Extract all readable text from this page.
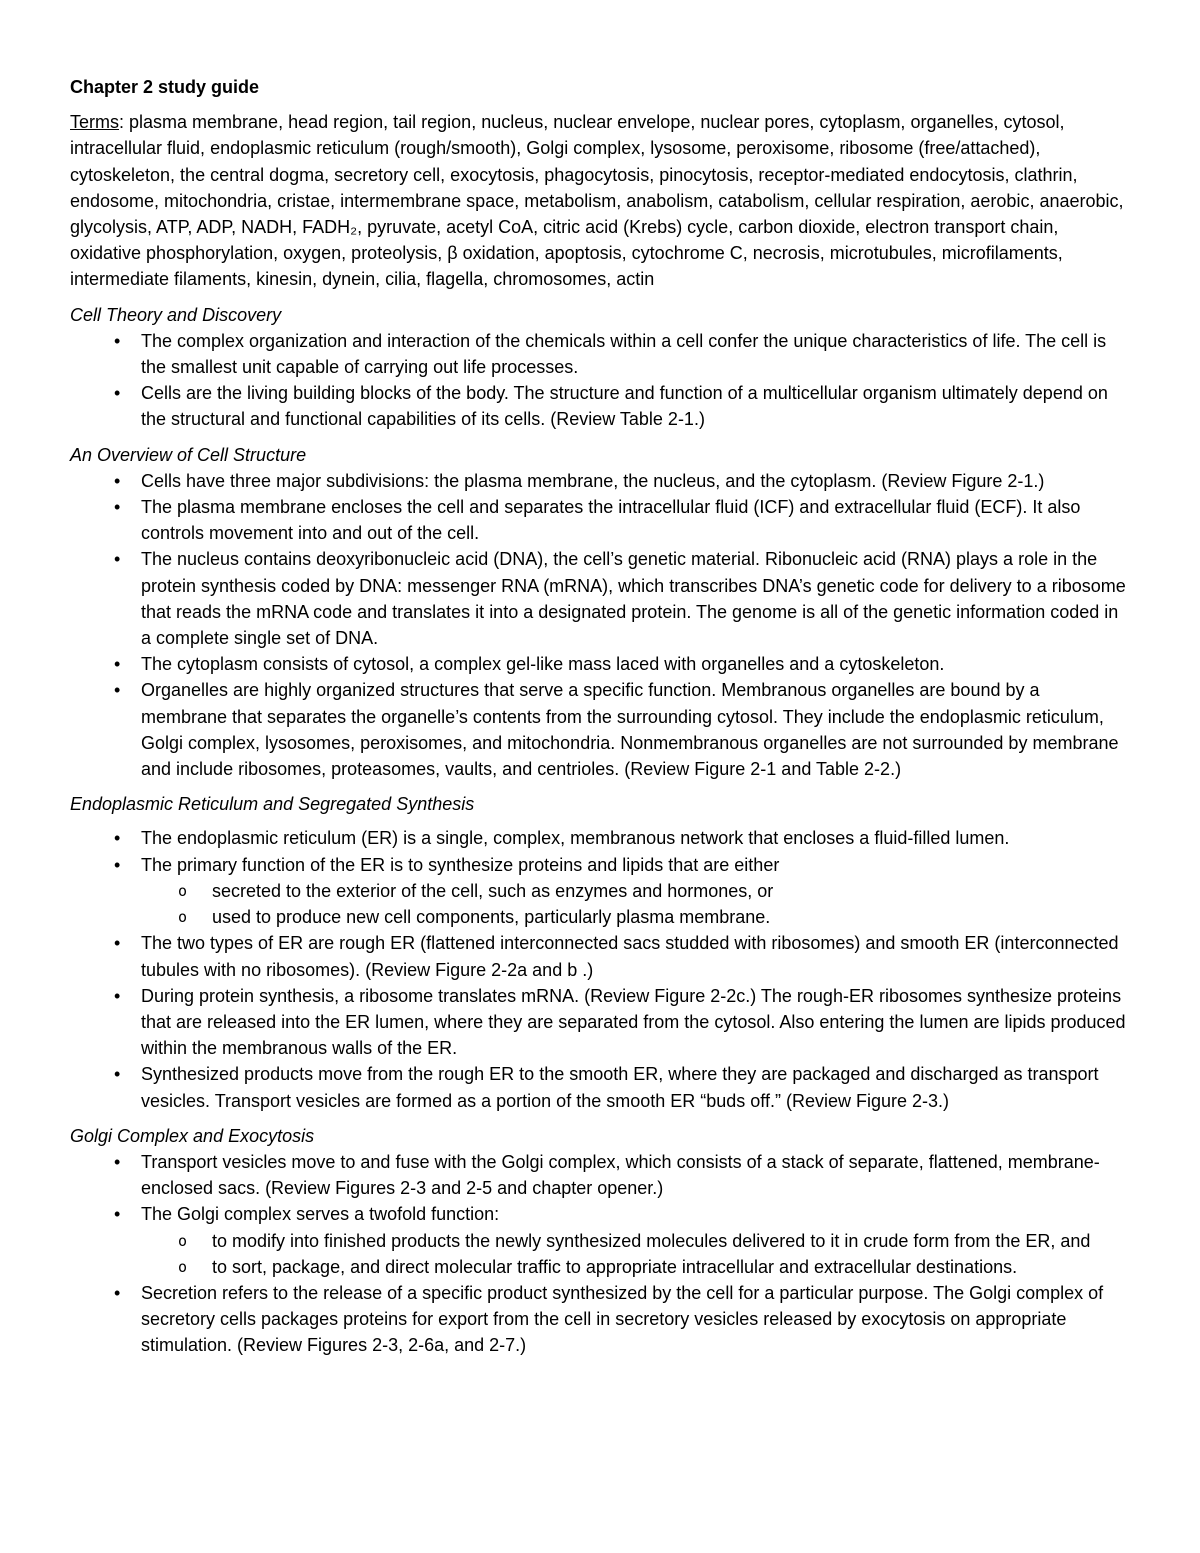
Chapter 2 study guide
Terms: plasma membrane, head region, tail region, nucleus, nuclear envelope, nuclear pores, cytoplasm, organelles, cytosol, intracellular fluid, endoplasmic reticulum (rough/smooth), Golgi complex, lysosome, peroxisome, ribosome (free/attached), cytoskeleton, the central dogma, secretory cell, exocytosis, phagocytosis, pinocytosis, receptor-mediated endocytosis, clathrin, endosome, mitochondria, cristae, intermembrane space, metabolism, anabolism, catabolism, cellular respiration, aerobic, anaerobic, glycolysis, ATP, ADP, NADH, FADH₂, pyruvate, acetyl CoA, citric acid (Krebs) cycle, carbon dioxide, electron transport chain, oxidative phosphorylation, oxygen, proteolysis, β oxidation, apoptosis, cytochrome C, necrosis, microtubules, microfilaments, intermediate filaments, kinesin, dynein, cilia, flagella, chromosomes, actin
Cell Theory and Discovery
• The complex organization and interaction of the chemicals within a cell confer the unique characteristics of life. The cell is the smallest unit capable of carrying out life processes.
• Cells are the living building blocks of the body. The structure and function of a multicellular organism ultimately depend on the structural and functional capabilities of its cells. (Review Table 2-1.)
An Overview of Cell Structure
• Cells have three major subdivisions: the plasma membrane, the nucleus, and the cytoplasm. (Review Figure 2-1.)
• The plasma membrane encloses the cell and separates the intracellular fluid (ICF) and extracellular fluid (ECF). It also controls movement into and out of the cell.
• The nucleus contains deoxyribonucleic acid (DNA), the cell’s genetic material. Ribonucleic acid (RNA) plays a role in the protein synthesis coded by DNA: messenger RNA (mRNA), which transcribes DNA’s genetic code for delivery to a ribosome that reads the mRNA code and translates it into a designated protein. The genome is all of the genetic information coded in a complete single set of DNA.
• The cytoplasm consists of cytosol, a complex gel-like mass laced with organelles and a cytoskeleton.
• Organelles are highly organized structures that serve a specific function. Membranous organelles are bound by a membrane that separates the organelle’s contents from the surrounding cytosol. They include the endoplasmic reticulum, Golgi complex, lysosomes, peroxisomes, and mitochondria. Nonmembranous organelles are not surrounded by membrane and include ribosomes, proteasomes, vaults, and centrioles. (Review Figure 2-1 and Table 2-2.)
Endoplasmic Reticulum and Segregated Synthesis
• The endoplasmic reticulum (ER) is a single, complex, membranous network that encloses a fluid-filled lumen.
• The primary function of the ER is to synthesize proteins and lipids that are either
o secreted to the exterior of the cell, such as enzymes and hormones, or
o used to produce new cell components, particularly plasma membrane.
• The two types of ER are rough ER (flattened interconnected sacs studded with ribosomes) and smooth ER (interconnected tubules with no ribosomes). (Review Figure 2-2a and b .)
• During protein synthesis, a ribosome translates mRNA. (Review Figure 2-2c.) The rough-ER ribosomes synthesize proteins that are released into the ER lumen, where they are separated from the cytosol. Also entering the lumen are lipids produced within the membranous walls of the ER.
• Synthesized products move from the rough ER to the smooth ER, where they are packaged and discharged as transport vesicles. Transport vesicles are formed as a portion of the smooth ER “buds off.” (Review Figure 2-3.)
Golgi Complex and Exocytosis
• Transport vesicles move to and fuse with the Golgi complex, which consists of a stack of separate, flattened, membrane-enclosed sacs. (Review Figures 2-3 and 2-5 and chapter opener.)
• The Golgi complex serves a twofold function:
o to modify into finished products the newly synthesized molecules delivered to it in crude form from the ER, and
o to sort, package, and direct molecular traffic to appropriate intracellular and extracellular destinations.
• Secretion refers to the release of a specific product synthesized by the cell for a particular purpose. The Golgi complex of secretory cells packages proteins for export from the cell in secretory vesicles released by exocytosis on appropriate stimulation. (Review Figures 2-3, 2-6a, and 2-7.)
